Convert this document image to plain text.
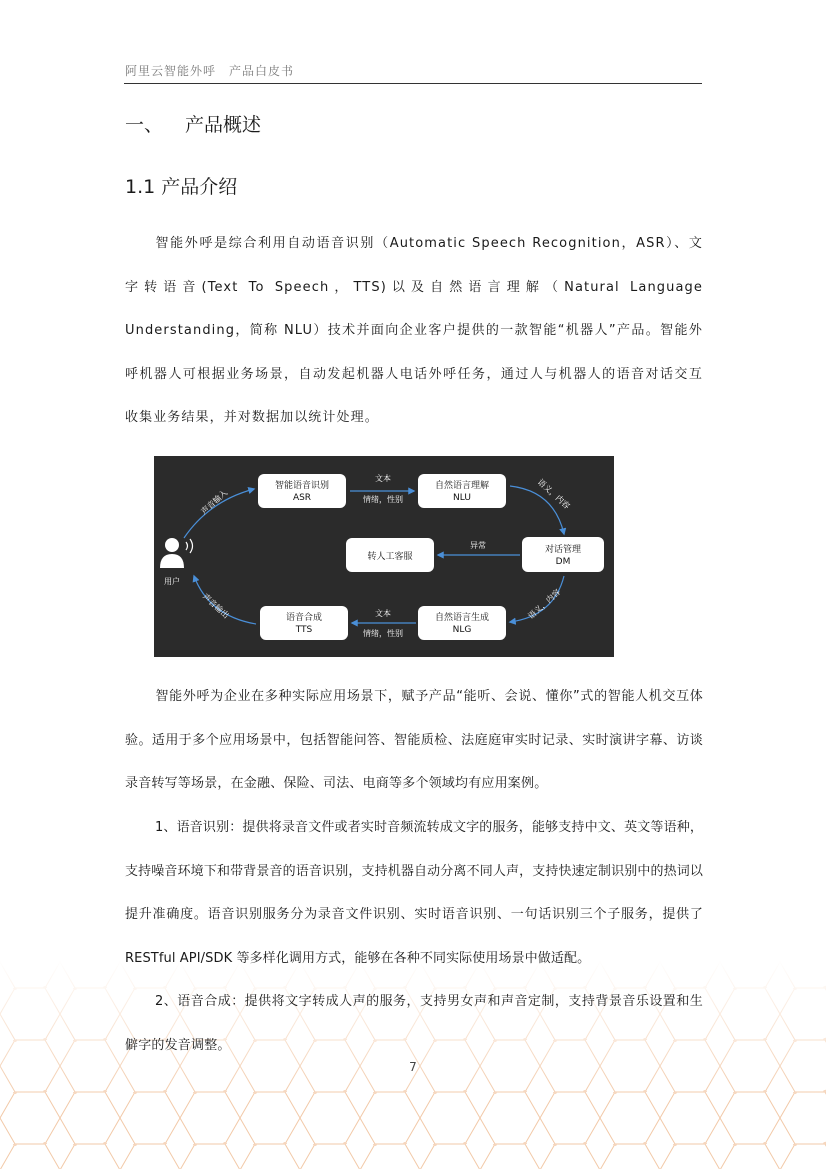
阿里云智能外呼　产品白皮书
一、 产品概述
1.1 产品介绍

智能外呼是综合利用自动语音识别（Automatic Speech Recognition，ASR）、文字转语音(Text To Speech，TTS)以及自然语言理解（Natural Language Understanding，简称 NLU）技术并面向企业客户提供的一款智能“机器人”产品。智能外呼机器人可根据业务场景，自动发起机器人电话外呼任务，通过人与机器人的语音对话交互收集业务结果，并对数据加以统计处理。

智能语音识别
ASR
自然语言理解
NLU
对话管理
DM
转人工客服
自然语言生成
NLG
语音合成
TTS
用户
文本
情绪，性别
声音输入	语义，内容
异常
语义，内容
文本
情绪，性别
声音输出

智能外呼为企业在多种实际应用场景下，赋予产品“能听、会说、懂你”式的智能人机交互体验。适用于多个应用场景中，包括智能问答、智能质检、法庭庭审实时记录、实时演讲字幕、访谈录音转写等场景，在金融、保险、司法、电商等多个领域均有应用案例。

1、语音识别：提供将录音文件或者实时音频流转成文字的服务，能够支持中文、英文等语种，支持噪音环境下和带背景音的语音识别，支持机器自动分离不同人声，支持快速定制识别中的热词以提升准确度。语音识别服务分为录音文件识别、实时语音识别、一句话识别三个子服务，提供了 RESTful API/SDK 等多样化调用方式，能够在各种不同实际使用场景中做适配。

2、语音合成：提供将文字转成人声的服务，支持男女声和声音定制，支持背景音乐设置和生僻字的发音调整。

7
